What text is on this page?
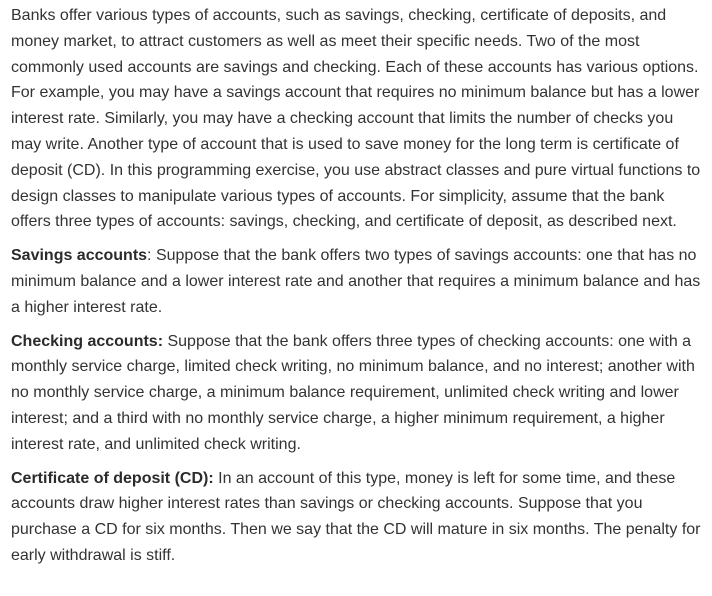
Banks offer various types of accounts, such as savings, checking, certificate of deposits, and money market, to attract customers as well as meet their specific needs. Two of the most commonly used accounts are savings and checking. Each of these accounts has various options. For example, you may have a savings account that requires no minimum balance but has a lower interest rate. Similarly, you may have a checking account that limits the number of checks you may write. Another type of account that is used to save money for the long term is certificate of deposit (CD). In this programming exercise, you use abstract classes and pure virtual functions to design classes to manipulate various types of accounts. For simplicity, assume that the bank offers three types of accounts: savings, checking, and certificate of deposit, as described next.

Savings accounts: Suppose that the bank offers two types of savings accounts: one that has no minimum balance and a lower interest rate and another that requires a minimum balance and has a higher interest rate.

Checking accounts: Suppose that the bank offers three types of checking accounts: one with a monthly service charge, limited check writing, no minimum balance, and no interest; another with no monthly service charge, a minimum balance requirement, unlimited check writing and lower interest; and a third with no monthly service charge, a higher minimum requirement, a higher interest rate, and unlimited check writing.

Certificate of deposit (CD): In an account of this type, money is left for some time, and these accounts draw higher interest rates than savings or checking accounts. Suppose that you purchase a CD for six months. Then we say that the CD will mature in six months. The penalty for early withdrawal is stiff.
